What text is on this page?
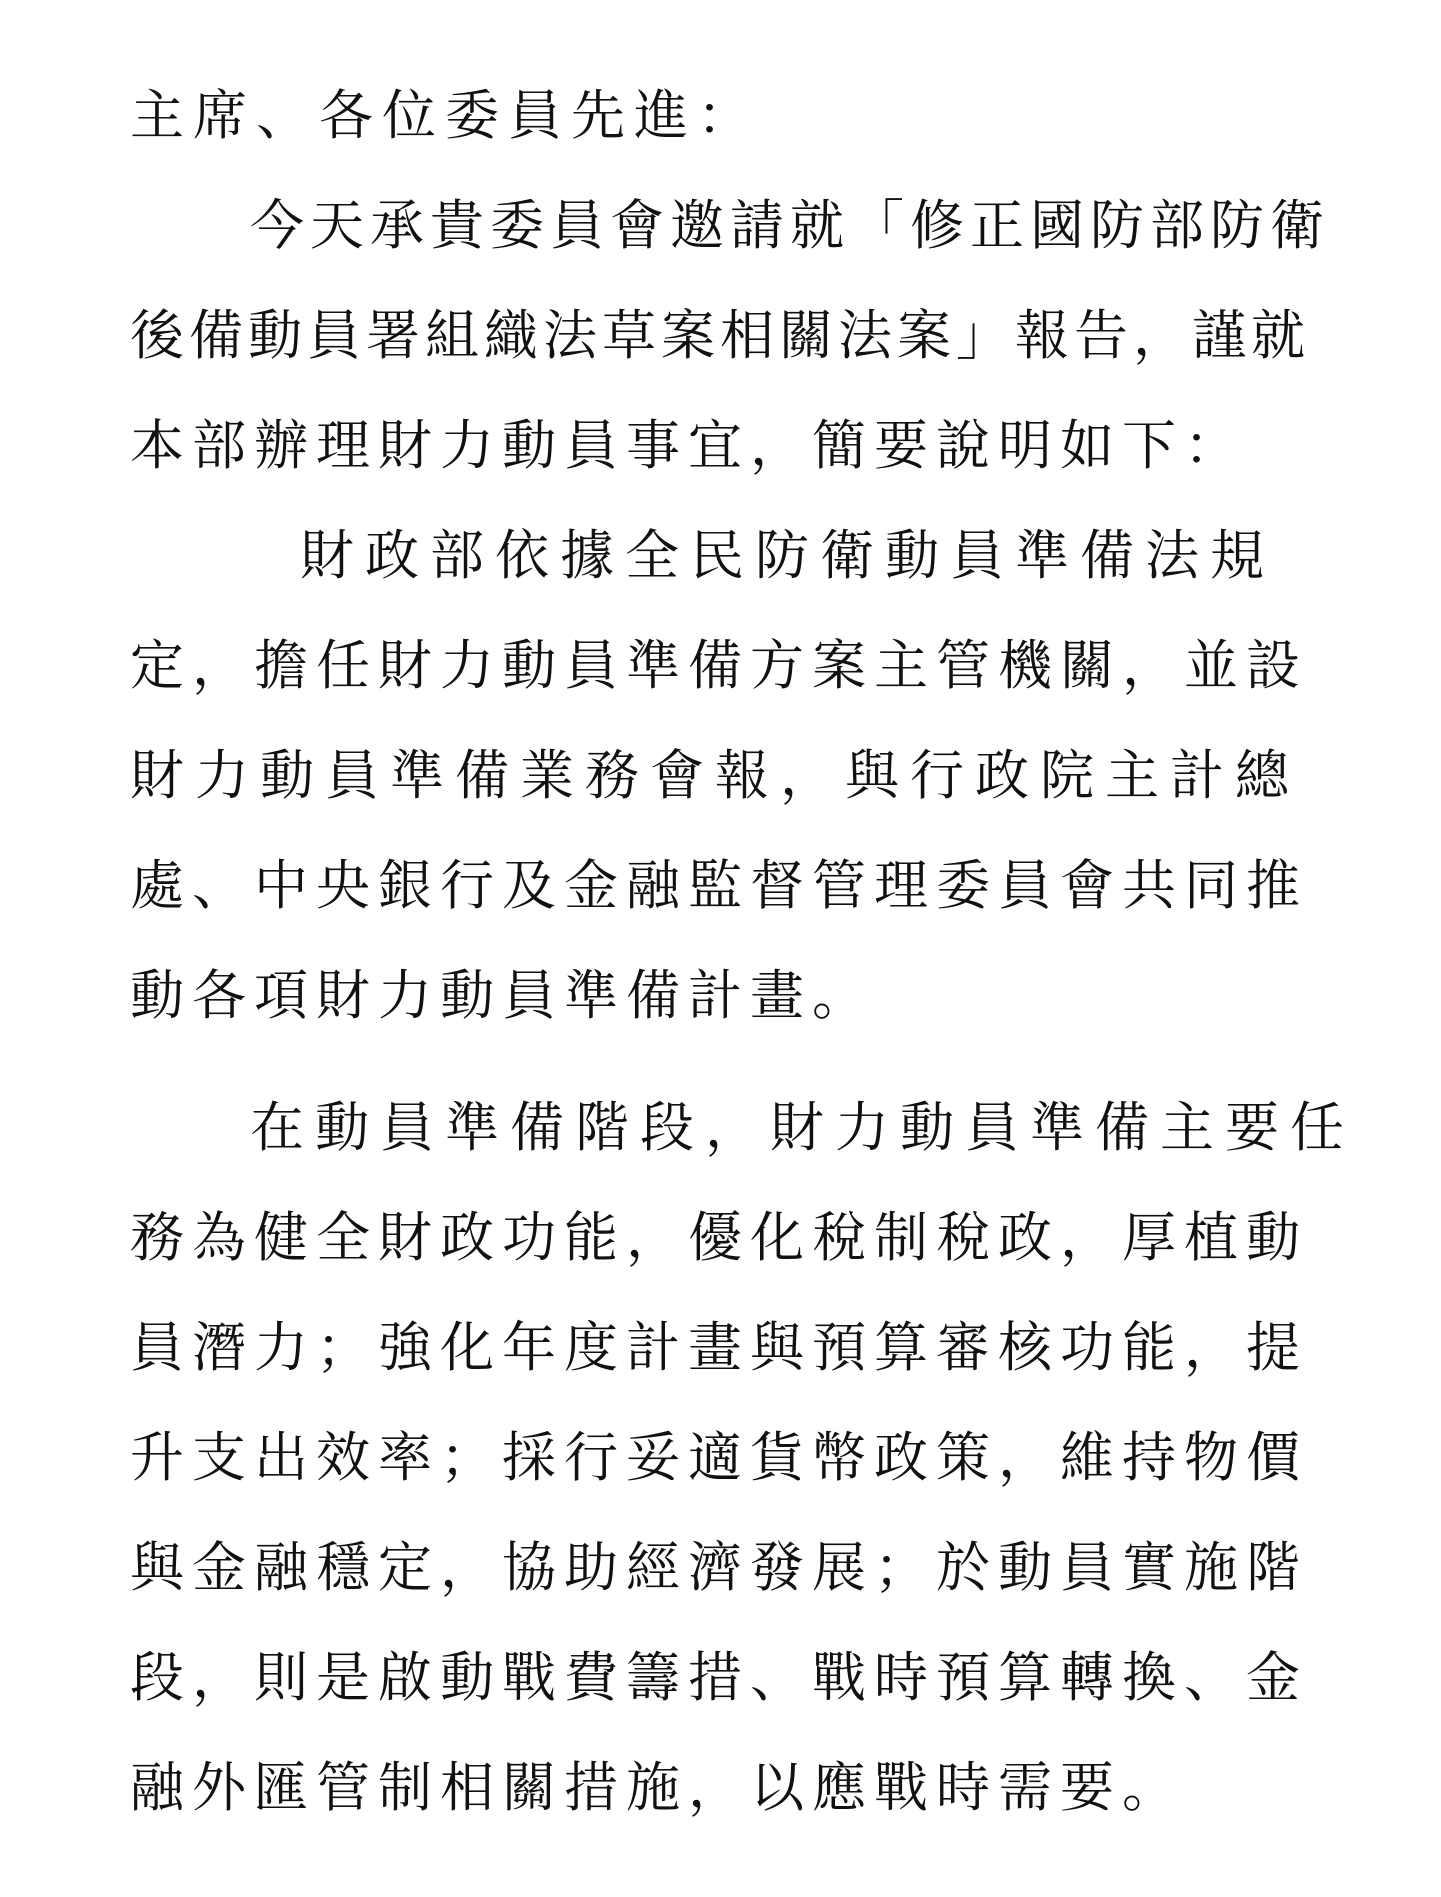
主席、各位委員先進：

今天承貴委員會邀請就「修正國防部防衛

後備動員署組織法草案相關法案」報告，謹就

本部辦理財力動員事宜，簡要說明如下：

財政部依據全民防衛動員準備法規

定，擔任財力動員準備方案主管機關，並設

財力動員準備業務會報，與行政院主計總

處、中央銀行及金融監督管理委員會共同推

動各項財力動員準備計畫。

在動員準備階段，財力動員準備主要任

務為健全財政功能，優化稅制稅政，厚植動

員潛力；強化年度計畫與預算審核功能，提

升支出效率；採行妥適貨幣政策，維持物價

與金融穩定，協助經濟發展；於動員實施階

段，則是啟動戰費籌措、戰時預算轉換、金

融外匯管制相關措施，以應戰時需要。
